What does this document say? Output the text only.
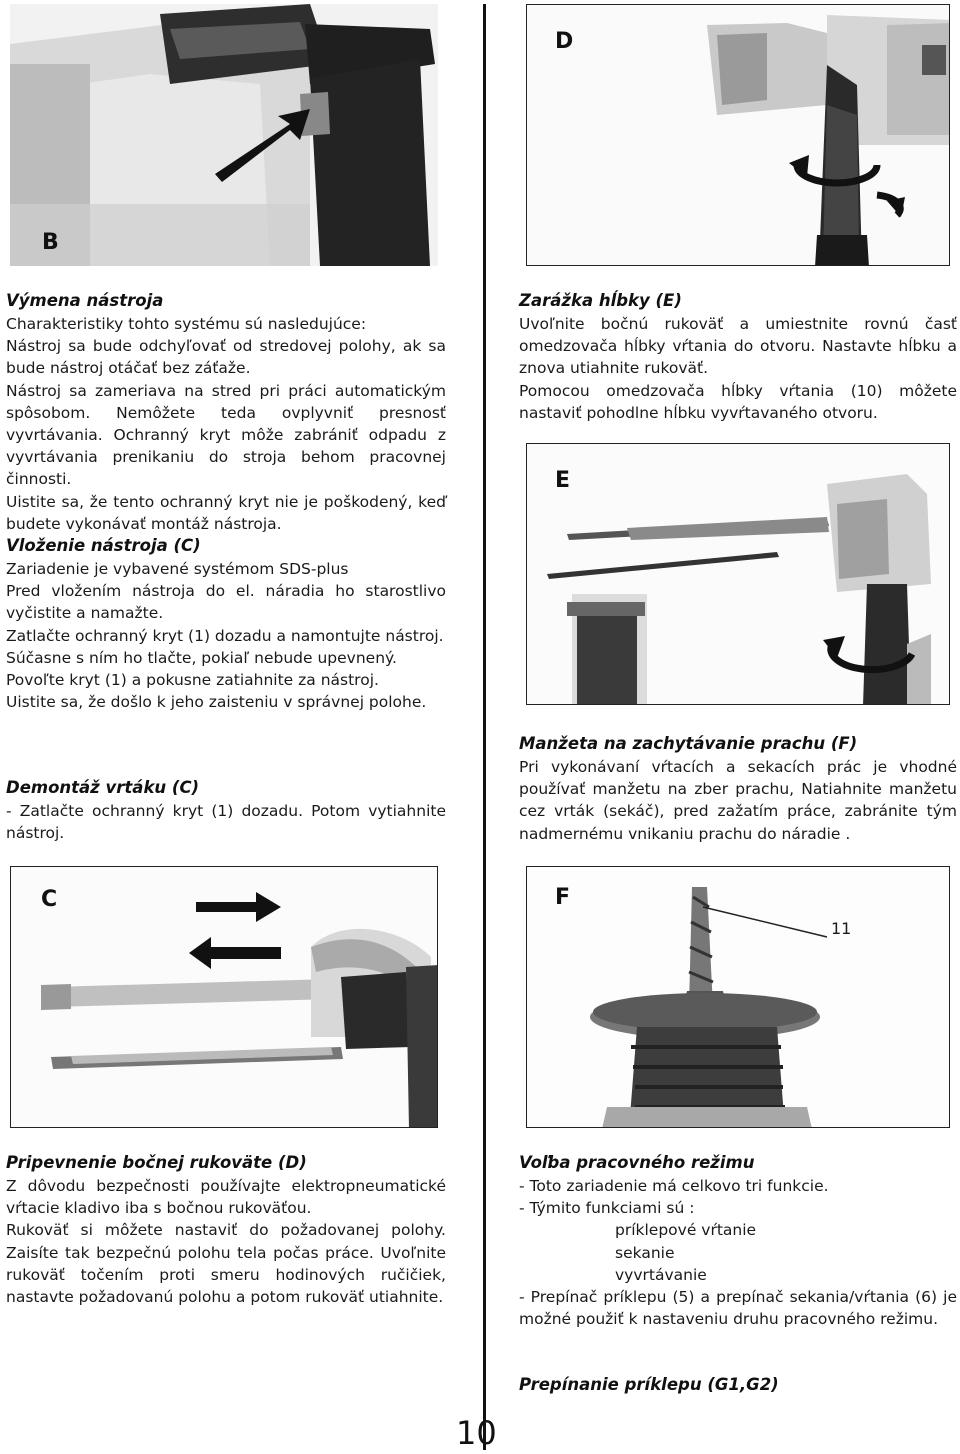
B
D
E
C	F
11

Výmena nástroja

Charakteristiky tohto systému sú nasledujúce:

Nástroj sa bude odchyľovať od stredovej polohy, ak sa bude nástroj otáčať bez záťaže.

Nástroj sa zameriava na stred pri práci automatickým spôsobom. Nemôžete teda ovplyvniť presnosť vyvrtávania. Ochranný kryt môže zabrániť odpadu z vyvrtávania prenikaniu do stroja behom pracovnej činnosti.

Uistite sa, že tento ochranný kryt nie je poškodený, keď budete vykonávať montáž nástroja.

Vloženie nástroja (C)

Zariadenie je vybavené systémom SDS-plus

Pred vložením nástroja do el. náradia ho starostlivo vyčistite a namažte.

Zatlačte ochranný kryt (1) dozadu a namontujte nástroj.

Súčasne s ním ho tlačte, pokiaľ nebude upevnený.

Povoľte kryt (1) a pokusne zatiahnite za nástroj.

Uistite sa, že došlo k jeho zaisteniu v správnej polohe.

Demontáž vrtáku (C)

- Zatlačte ochranný kryt (1) dozadu. Potom vytiahnite nástroj.

Pripevnenie bočnej rukoväte (D)

Z dôvodu bezpečnosti používajte elektropneumatické vŕtacie kladivo iba s bočnou rukoväťou.

Rukoväť si môžete nastaviť do požadovanej polohy. Zaisíte tak bezpečnú polohu tela počas práce. Uvoľnite rukoväť točením proti smeru hodinových ručičiek, nastavte požadovanú polohu a potom rukoväť utiahnite.

Zarážka hĺbky (E)

Uvoľnite bočnú rukoväť a umiestnite rovnú časť omedzovača hĺbky vŕtania do otvoru. Nastavte hĺbku a znova utiahnite rukoväť.

Pomocou omedzovača hĺbky vŕtania (10) môžete nastaviť pohodlne hĺbku vyvŕtavaného otvoru.

Manžeta na zachytávanie prachu (F)

Pri vykonávaní vŕtacích a sekacích prác je vhodné používať manžetu na zber prachu, Natiahnite manžetu cez vrták (sekáč), pred zažatím práce, zabránite tým nadmernému vnikaniu prachu do náradie .

Voľba pracovného režimu

- Toto zariadenie má celkovo tri funkcie.

- Týmito funkciami sú :

príklepové vŕtanie

sekanie

vyvrtávanie

- Prepínač príklepu (5) a prepínač sekania/vŕtania (6) je možné použiť k nastaveniu druhu pracovného režimu.

Prepínanie príklepu (G1,G2)

10
